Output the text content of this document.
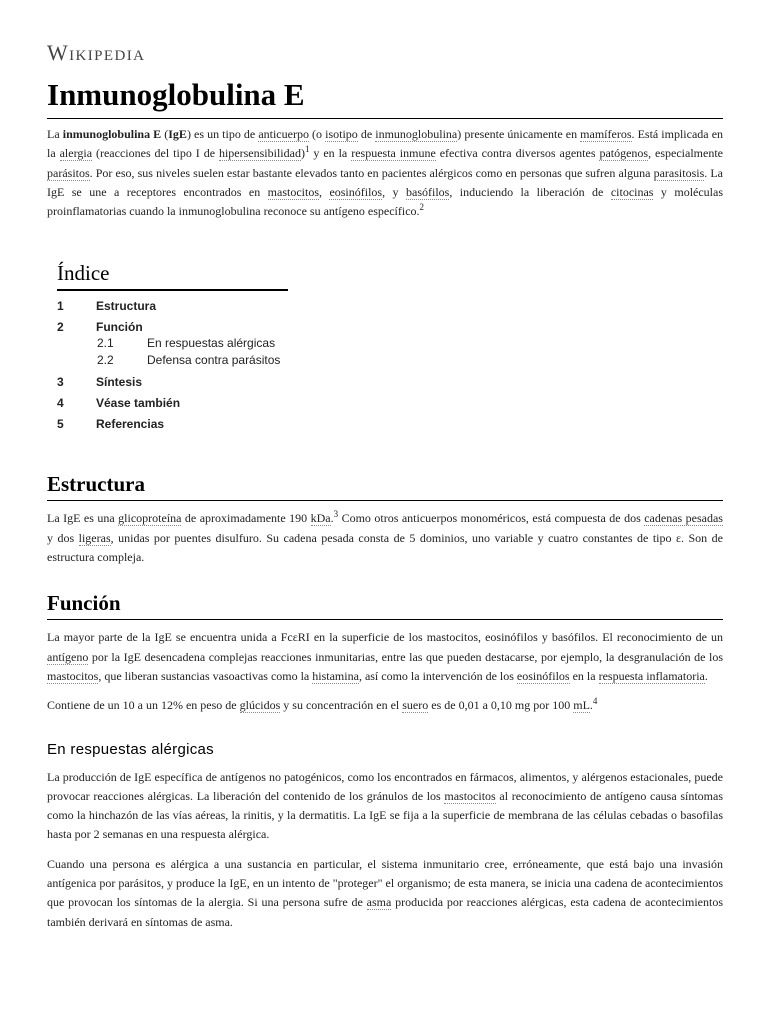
Wikipedia
Inmunoglobulina E

La inmunoglobulina E (IgE) es un tipo de anticuerpo (o isotipo de inmunoglobulina) presente únicamente en mamíferos. Está implicada en la alergia (reacciones del tipo I de hipersensibilidad)$^1$ y en la respuesta inmune efectiva contra diversos agentes patógenos, especialmente parásitos. Por eso, sus niveles suelen estar bastante elevados tanto en pacientes alérgicos como en personas que sufren alguna parasitosis. La IgE se une a receptores encontrados en mastocitos, eosinófilos, y basófilos, induciendo la liberación de citocinas y moléculas proinflamatorias cuando la inmunoglobulina reconoce su antígeno específico.$^2$

Índice
1	Estructura
2	Función
2.1	En respuestas alérgicas
2.2	Defensa contra parásitos
3	Síntesis
4	Véase también
5	Referencias
Estructura

La IgE es una glicoproteína de aproximadamente 190 kDa.$^3$ Como otros anticuerpos monoméricos, está compuesta de dos cadenas pesadas y dos ligeras, unidas por puentes disulfuro. Su cadena pesada consta de 5 dominios, uno variable y cuatro constantes de tipo ε. Son de estructura compleja.

Función

La mayor parte de la IgE se encuentra unida a FcεRI en la superficie de los mastocitos, eosinófilos y basófilos. El reconocimiento de un antígeno por la IgE desencadena complejas reacciones inmunitarias, entre las que pueden destacarse, por ejemplo, la desgranulación de los mastocitos, que liberan sustancias vasoactivas como la histamina, así como la intervención de los eosinófilos en la respuesta inflamatoria.

Contiene de un 10 a un 12% en peso de glúcidos y su concentración en el suero es de 0,01 a 0,10 mg por 100 mL.$^4$

En respuestas alérgicas

La producción de IgE específica de antígenos no patogénicos, como los encontrados en fármacos, alimentos, y alérgenos estacionales, puede provocar reacciones alérgicas. La liberación del contenido de los gránulos de los mastocitos al reconocimiento de antígeno causa síntomas como la hinchazón de las vías aéreas, la rinitis, y la dermatitis. La IgE se fija a la superficie de membrana de las células cebadas o basofilas hasta por 2 semanas en una respuesta alérgica.

Cuando una persona es alérgica a una sustancia en particular, el sistema inmunitario cree, erróneamente, que está bajo una invasión antígenica por parásitos, y produce la IgE, en un intento de "proteger" el organismo; de esta manera, se inicia una cadena de acontecimientos que provocan los síntomas de la alergia. Si una persona sufre de asma producida por reacciones alérgicas, esta cadena de acontecimientos también derivará en síntomas de asma.
